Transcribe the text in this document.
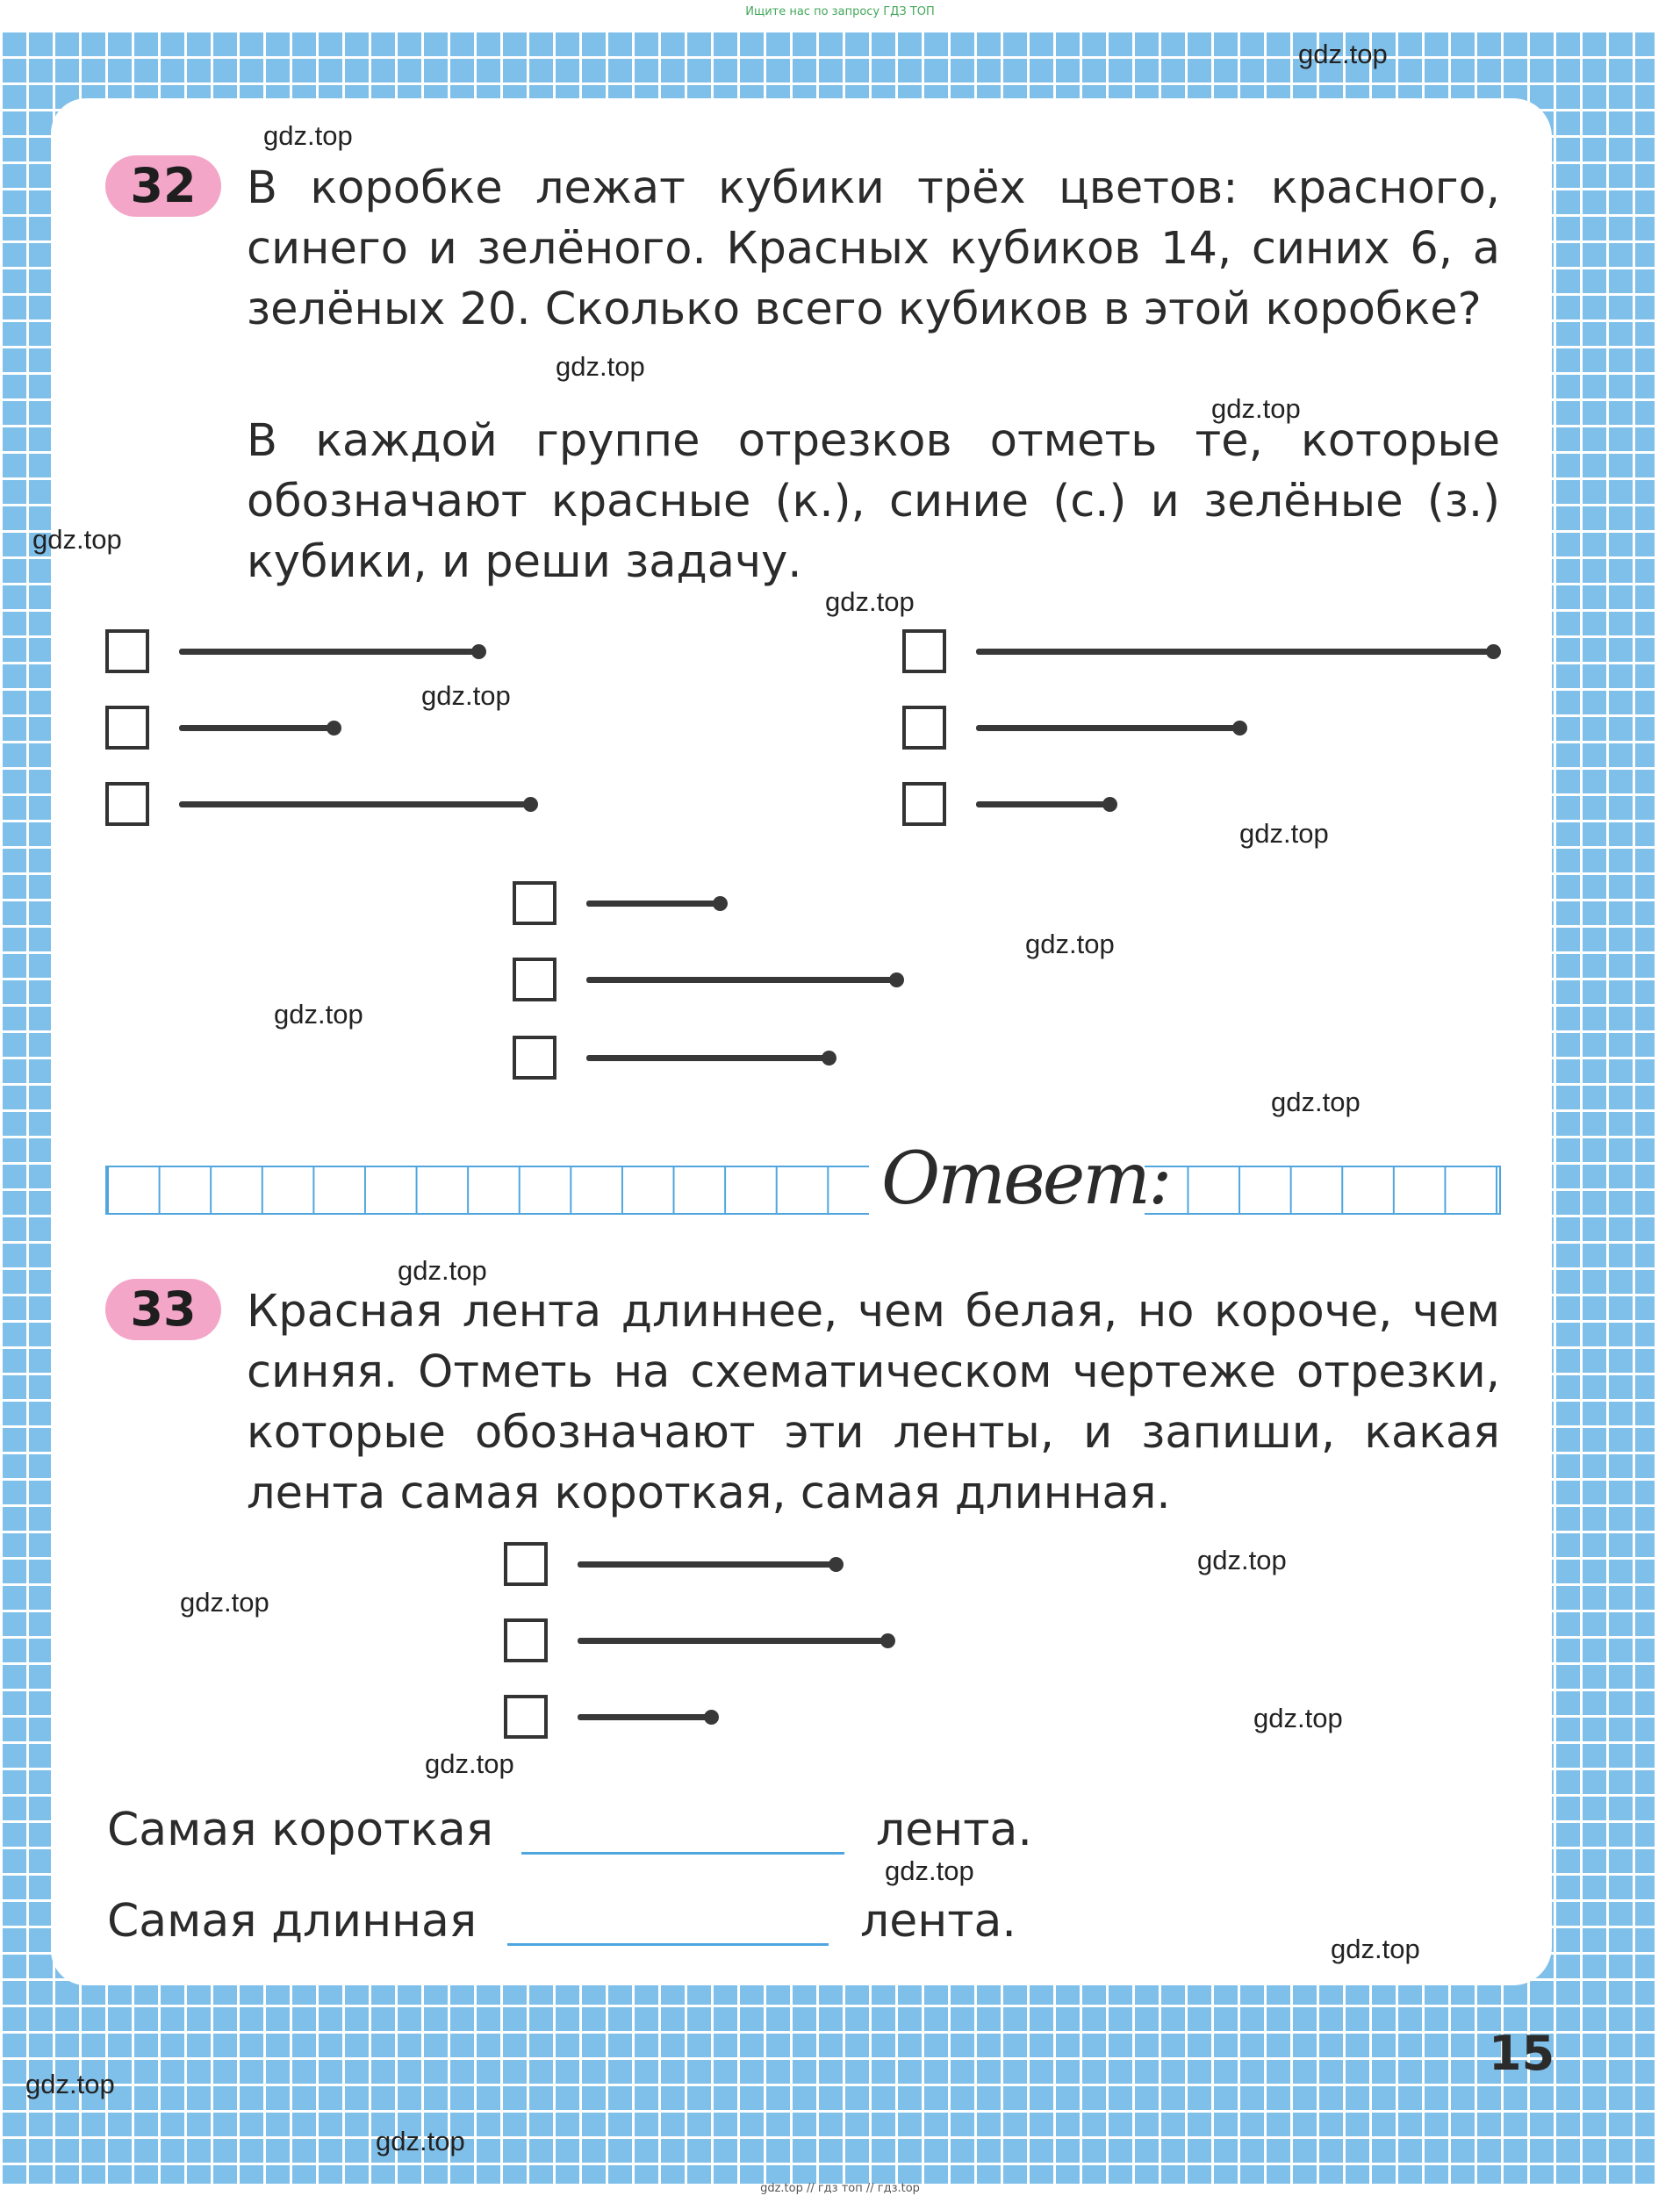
Ищите нас по запросу ГДЗ ТОП
32	В коробке лежат кубики трёх цветов: красного, синего и зелёного. Красных кубиков 14, синих 6, а зелёных 20. Сколько всего кубиков в этой коробке?
В каждой группе отрезков отметь те, которые обозначают красные (к.), синие (с.) и зелёные (з.) кубики, и реши задачу.
Ответ:
33	Красная лента длиннее, чем белая, но короче, чем синяя. Отметь на схематическом чертеже отрезки, которые обозначают эти ленты, и запиши, какая лента самая короткая, самая длинная.
Самая короткая	лента.
Самая длинная	лента.
15
gdz.top
gdz.top
gdz.top
gdz.top
gdz.top
gdz.top
gdz.top
gdz.top
gdz.top
gdz.top
gdz.top
gdz.top
gdz.top
gdz.top
gdz.top
gdz.top
gdz.top
gdz.top
gdz.top
gdz.top
gdz.top // гдз топ // гдз.top
